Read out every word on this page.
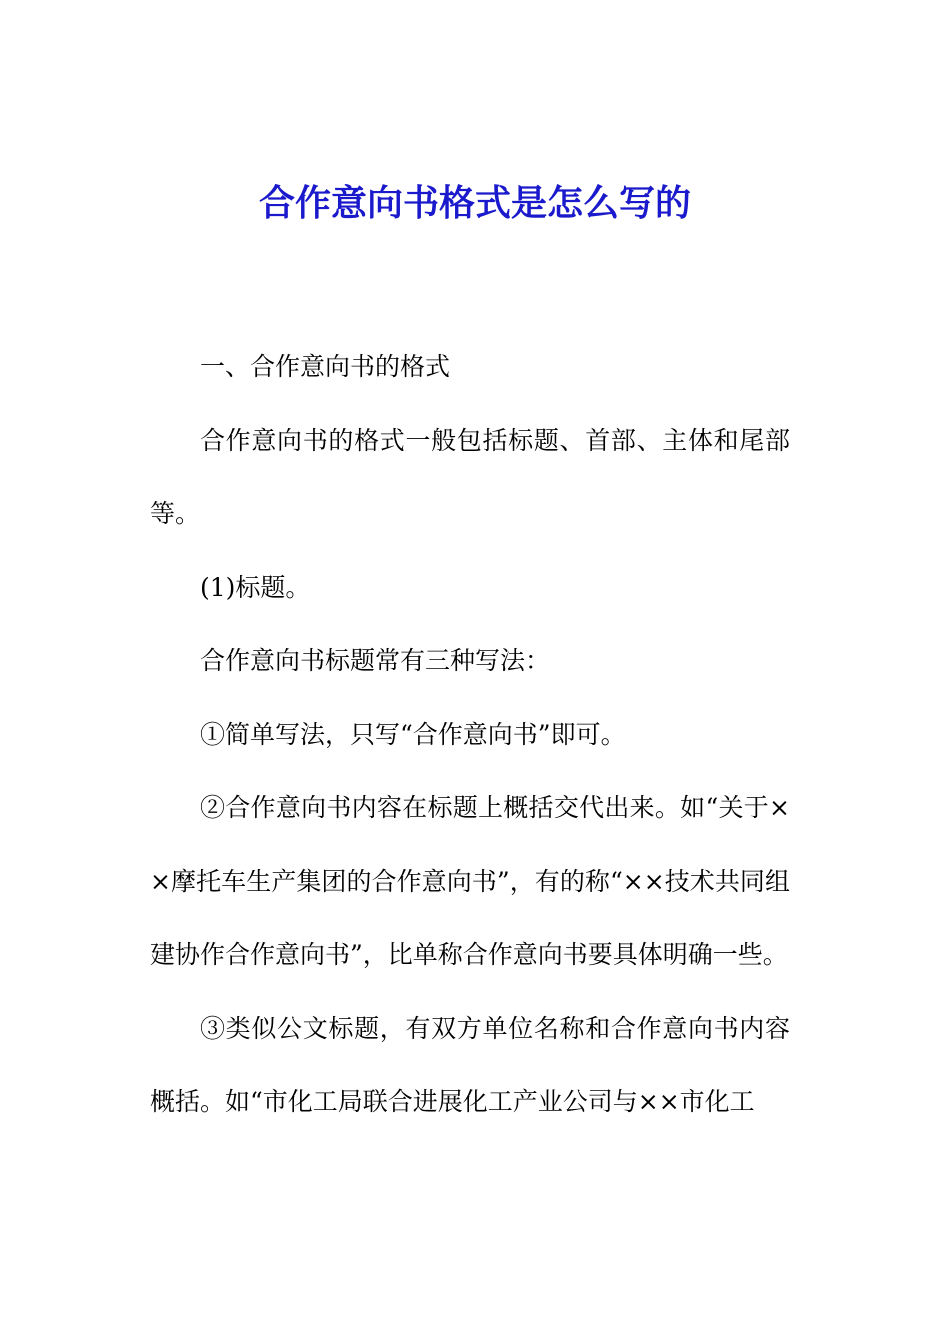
合作意向书格式是怎么写的

一、合作意向书的格式

合作意向书的格式一般包括标题、首部、主体和尾部等。

(1)标题。

合作意向书标题常有三种写法：

①简单写法，只写“合作意向书”即可。

②合作意向书内容在标题上概括交代出来。如“关于××摩托车生产集团的合作意向书”，有的称“××技术共同组建协作合作意向书”，比单称合作意向书要具体明确一些。

③类似公文标题，有双方单位名称和合作意向书内容概括。如“市化工局联合进展化工产业公司与××市化工
